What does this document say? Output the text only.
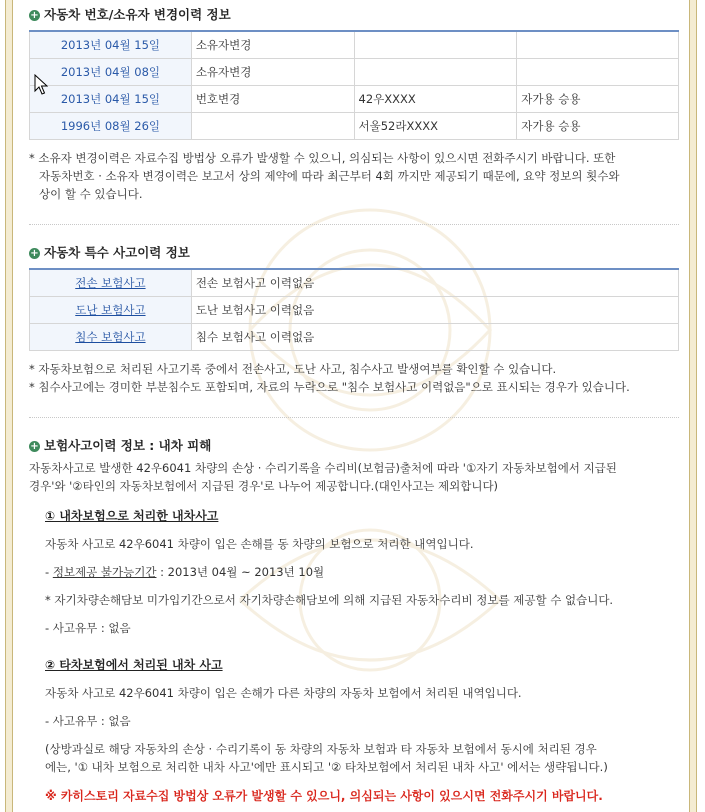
+ 자동차 번호/소유자 변경이력 정보
2013년 04월 15일	소유자변경		
2013년 04월 08일	소유자변경		
2013년 04월 15일	번호변경	42우XXXX	자가용 승용
1996년 08월 26일		서울52라XXXX	자가용 승용
* 소유자 변경이력은 자료수집 방법상 오류가 발생할 수 있으니, 의심되는 사항이 있으시면 전화주시기 바랍니다. 또한
자동차번호 · 소유자 변경이력은 보고서 상의 제약에 따라 최근부터 4회 까지만 제공되기 때문에, 요약 정보의 횟수와
상이 할 수 있습니다.
+ 자동차 특수 사고이력 정보
전손 보험사고	전손 보험사고 이력없음
도난 보험사고	도난 보험사고 이력없음
침수 보험사고	침수 보험사고 이력없음
* 자동차보험으로 처리된 사고기록 중에서 전손사고, 도난 사고, 침수사고 발생여부를 확인할 수 있습니다.
* 침수사고에는 경미한 부분침수도 포함되며, 자료의 누락으로 "침수 보험사고 이력없음"으로 표시되는 경우가 있습니다.
+ 보험사고이력 정보 : 내차 피해
자동차사고로 발생한 42우6041 차량의 손상 · 수리기록을 수리비(보험금)출처에 따라 '①자기 자동차보험에서 지급된
경우'와 '②타인의 자동차보험에서 지급된 경우'로 나누어 제공합니다.(대인사고는 제외합니다)
① 내차보험으로 처리한 내차사고
자동차 사고로 42우6041 차량이 입은 손해를 동 차량의 보험으로 처리한 내역입니다.
- 정보제공 불가능기간 : 2013년 04월 ~ 2013년 10월
* 자기차량손해담보 미가입기간으로서 자기차량손해담보에 의해 지급된 자동차수리비 정보를 제공할 수 없습니다.
- 사고유무 : 없음
② 타차보험에서 처리된 내차 사고
자동차 사고로 42우6041 차량이 입은 손해가 다른 차량의 자동차 보험에서 처리된 내역입니다.
- 사고유무 : 없음
(상방과실로 해당 자동차의 손상 · 수리기록이 동 차량의 자동차 보험과 타 자동차 보험에서 동시에 처리된 경우
에는, '① 내차 보험으로 처리한 내차 사고'에만 표시되고 '② 타차보험에서 처리된 내차 사고' 에서는 생략됩니다.)
※ 카히스토리 자료수집 방법상 오류가 발생할 수 있으니, 의심되는 사항이 있으시면 전화주시기 바랍니다.
